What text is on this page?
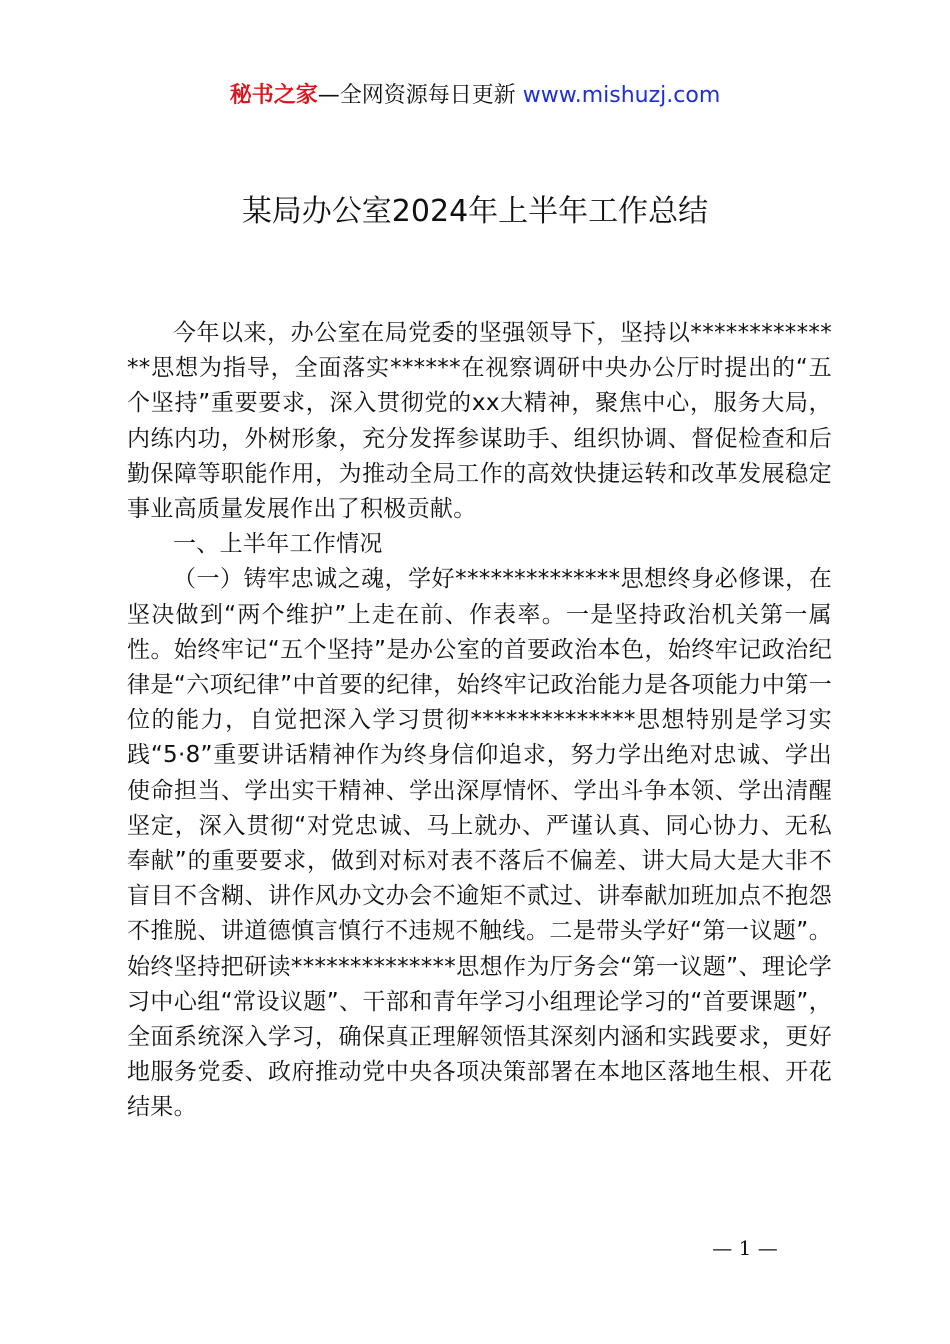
秘书之家—全网资源每日更新 www.mishuzj.com
某局办公室2024年上半年工作总结

今年以来，办公室在局党委的坚强领导下，坚持以**************思想为指导，全面落实******在视察调研中央办公厅时提出的“五个坚持”重要要求，深入贯彻党的xx大精神，聚焦中心，服务大局，内练内功，外树形象，充分发挥参谋助手、组织协调、督促检查和后勤保障等职能作用，为推动全局工作的高效快捷运转和改革发展稳定事业高质量发展作出了积极贡献。

一、上半年工作情况

（一）铸牢忠诚之魂，学好**************思想终身必修课，在坚决做到“两个维护”上走在前、作表率。一是坚持政治机关第一属性。始终牢记“五个坚持”是办公室的首要政治本色，始终牢记政治纪律是“六项纪律”中首要的纪律，始终牢记政治能力是各项能力中第一位的能力，自觉把深入学习贯彻**************思想特别是学习实践“5·8”重要讲话精神作为终身信仰追求，努力学出绝对忠诚、学出使命担当、学出实干精神、学出深厚情怀、学出斗争本领、学出清醒坚定，深入贯彻“对党忠诚、马上就办、严谨认真、同心协力、无私奉献”的重要要求，做到对标对表不落后不偏差、讲大局大是大非不盲目不含糊、讲作风办文办会不逾矩不贰过、讲奉献加班加点不抱怨不推脱、讲道德慎言慎行不违规不触线。二是带头学好“第一议题”。始终坚持把研读**************思想作为厅务会“第一议题”、理论学习中心组“常设议题”、干部和青年学习小组理论学习的“首要课题”，全面系统深入学习，确保真正理解领悟其深刻内涵和实践要求，更好地服务党委、政府推动党中央各项决策部署在本地区落地生根、开花结果。

— 1 —
